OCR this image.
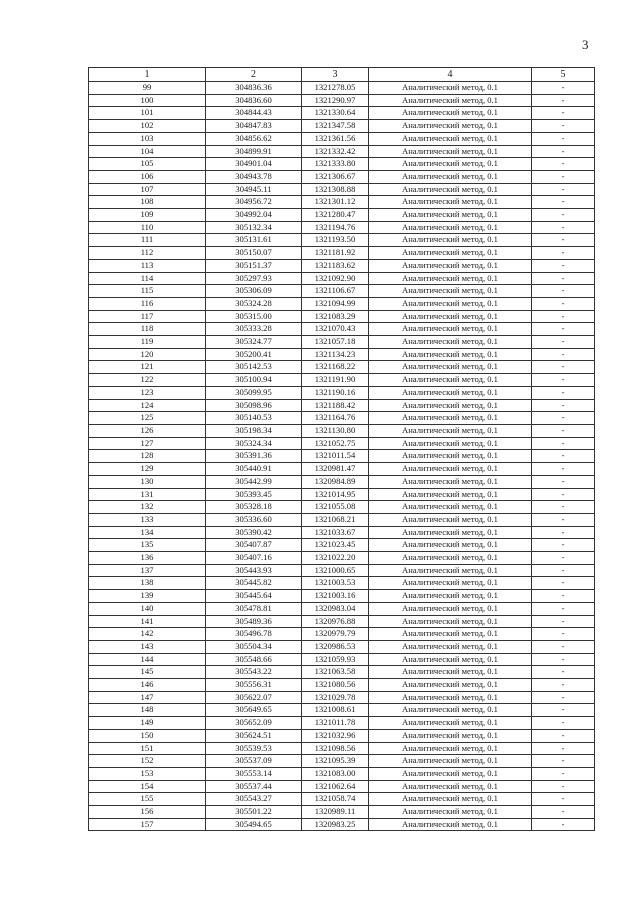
3
1	2	3	4	5
99	304836.36	1321278.05	Аналитический метод, 0.1	-
100	304836.60	1321290.97	Аналитический метод, 0.1	-
101	304844.43	1321330.64	Аналитический метод, 0.1	-
102	304847.83	1321347.58	Аналитический метод, 0.1	-
103	304856.62	1321361.56	Аналитический метод, 0.1	-
104	304899.91	1321332.42	Аналитический метод, 0.1	-
105	304901.04	1321333.80	Аналитический метод, 0.1	-
106	304943.78	1321306.67	Аналитический метод, 0.1	-
107	304945.11	1321308.88	Аналитический метод, 0.1	-
108	304956.72	1321301.12	Аналитический метод, 0.1	-
109	304992.04	1321280.47	Аналитический метод, 0.1	-
110	305132.34	1321194.76	Аналитический метод, 0.1	-
111	305131.61	1321193.50	Аналитический метод, 0.1	-
112	305150.07	1321181.92	Аналитический метод, 0.1	-
113	305151.37	1321183.62	Аналитический метод, 0.1	-
114	305297.93	1321092.90	Аналитический метод, 0.1	-
115	305306.09	1321106.67	Аналитический метод, 0.1	-
116	305324.28	1321094.99	Аналитический метод, 0.1	-
117	305315.00	1321083.29	Аналитический метод, 0.1	-
118	305333.28	1321070.43	Аналитический метод, 0.1	-
119	305324.77	1321057.18	Аналитический метод, 0.1	-
120	305200.41	1321134.23	Аналитический метод, 0.1	-
121	305142.53	1321168.22	Аналитический метод, 0.1	-
122	305100.94	1321191.90	Аналитический метод, 0.1	-
123	305099.95	1321190.16	Аналитический метод, 0.1	-
124	305098.96	1321188.42	Аналитический метод, 0.1	-
125	305140.53	1321164.76	Аналитический метод, 0.1	-
126	305198.34	1321130.80	Аналитический метод, 0.1	-
127	305324.34	1321052.75	Аналитический метод, 0.1	-
128	305391.36	1321011.54	Аналитический метод, 0.1	-
129	305440.91	1320981.47	Аналитический метод, 0.1	-
130	305442.99	1320984.89	Аналитический метод, 0.1	-
131	305393.45	1321014.95	Аналитический метод, 0.1	-
132	305328.18	1321055.08	Аналитический метод, 0.1	-
133	305336.60	1321068.21	Аналитический метод, 0.1	-
134	305390.42	1321033.67	Аналитический метод, 0.1	-
135	305407.87	1321023.45	Аналитический метод, 0.1	-
136	305407.16	1321022.20	Аналитический метод, 0.1	-
137	305443.93	1321000.65	Аналитический метод, 0.1	-
138	305445.82	1321003.53	Аналитический метод, 0.1	-
139	305445.64	1321003.16	Аналитический метод, 0.1	-
140	305478.81	1320983.04	Аналитический метод, 0.1	-
141	305489.36	1320976.88	Аналитический метод, 0.1	-
142	305496.78	1320979.79	Аналитический метод, 0.1	-
143	305504.34	1320986.53	Аналитический метод, 0.1	-
144	305548.66	1321059.93	Аналитический метод, 0.1	-
145	305543.22	1321063.58	Аналитический метод, 0.1	-
146	305556.31	1321080.56	Аналитический метод, 0.1	-
147	305622.07	1321029.78	Аналитический метод, 0.1	-
148	305649.65	1321008.61	Аналитический метод, 0.1	-
149	305652.09	1321011.78	Аналитический метод, 0.1	-
150	305624.51	1321032.96	Аналитический метод, 0.1	-
151	305539.53	1321098.56	Аналитический метод, 0.1	-
152	305537.09	1321095.39	Аналитический метод, 0.1	-
153	305553.14	1321083.00	Аналитический метод, 0.1	-
154	305537.44	1321062.64	Аналитический метод, 0.1	-
155	305543.27	1321058.74	Аналитический метод, 0.1	-
156	305501.22	1320989.11	Аналитический метод, 0.1	-
157	305494.65	1320983.25	Аналитический метод, 0.1	-
